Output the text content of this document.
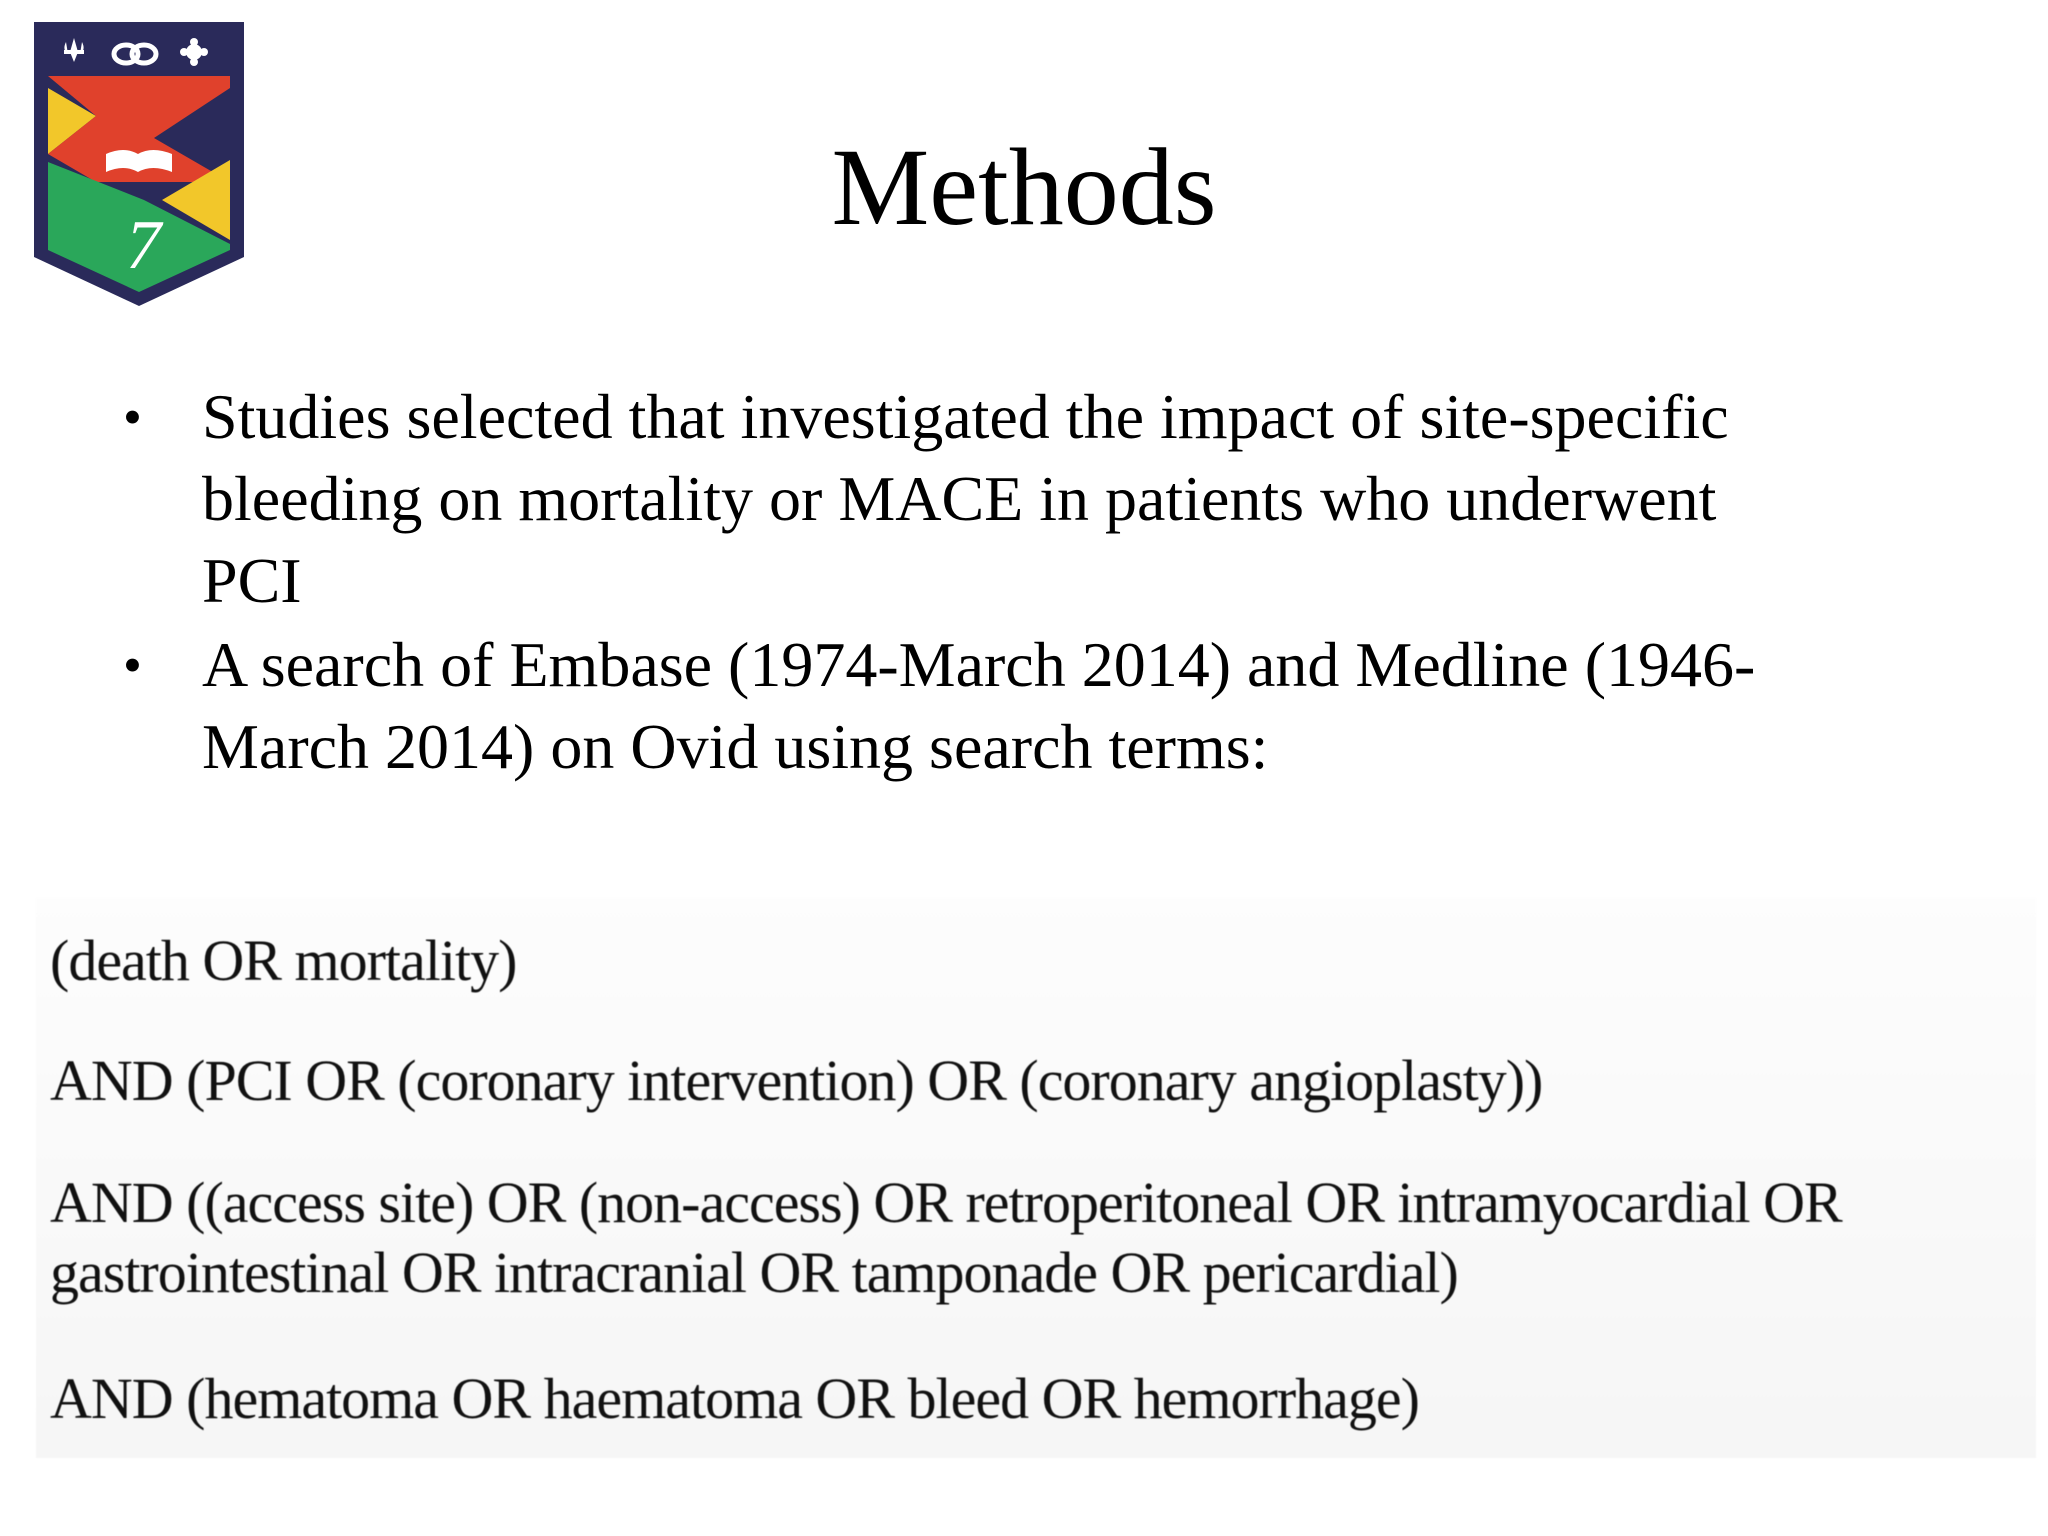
7	Methods
• Studies selected that investigated the impact of site-specific
bleeding on mortality or MACE in patients who underwent
PCI
• A search of Embase (1974-March 2014) and Medline (1946-
March 2014) on Ovid using search terms:
(death OR mortality)
AND (PCI OR (coronary intervention) OR (coronary angioplasty))
AND ((access site) OR (non-access) OR retroperitoneal OR intramyocardial OR
gastrointestinal OR intracranial OR tamponade OR pericardial)
AND (hematoma OR haematoma OR bleed OR hemorrhage)
